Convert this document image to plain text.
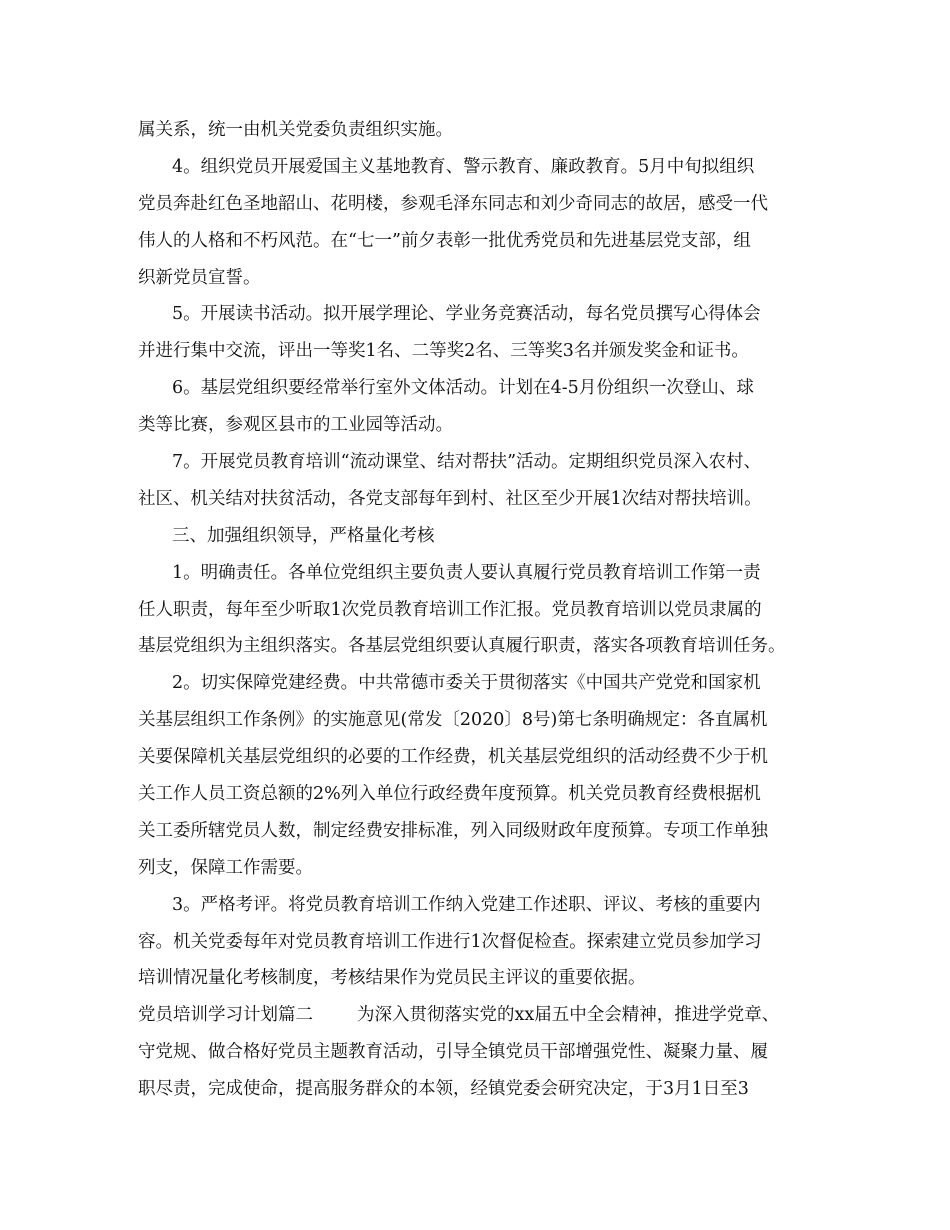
属关系，统一由机关党委负责组织实施。
4。组织党员开展爱国主义基地教育、警示教育、廉政教育。5月中旬拟组织
党员奔赴红色圣地韶山、花明楼，参观毛泽东同志和刘少奇同志的故居，感受一代
伟人的人格和不朽风范。在“七一”前夕表彰一批优秀党员和先进基层党支部，组
织新党员宣誓。
5。开展读书活动。拟开展学理论、学业务竞赛活动，每名党员撰写心得体会
并进行集中交流，评出一等奖1名、二等奖2名、三等奖3名并颁发奖金和证书。
6。基层党组织要经常举行室外文体活动。计划在4-5月份组织一次登山、球
类等比赛，参观区县市的工业园等活动。
7。开展党员教育培训“流动课堂、结对帮扶”活动。定期组织党员深入农村、
社区、机关结对扶贫活动，各党支部每年到村、社区至少开展1次结对帮扶培训。
三、加强组织领导，严格量化考核
1。明确责任。各单位党组织主要负责人要认真履行党员教育培训工作第一责
任人职责，每年至少听取1次党员教育培训工作汇报。党员教育培训以党员隶属的
基层党组织为主组织落实。各基层党组织要认真履行职责，落实各项教育培训任务。
2。切实保障党建经费。中共常德市委关于贯彻落实《中国共产党党和国家机
关基层组织工作条例》的实施意见(常发〔2020〕8号)第七条明确规定：各直属机
关要保障机关基层党组织的必要的工作经费，机关基层党组织的活动经费不少于机
关工作人员工资总额的2%列入单位行政经费年度预算。机关党员教育经费根据机
关工委所辖党员人数，制定经费安排标准，列入同级财政年度预算。专项工作单独
列支，保障工作需要。
3。严格考评。将党员教育培训工作纳入党建工作述职、评议、考核的重要内
容。机关党委每年对党员教育培训工作进行1次督促检查。探索建立党员参加学习
培训情况量化考核制度，考核结果作为党员民主评议的重要依据。
党员培训学习计划篇二	为深入贯彻落实党的xx届五中全会精神，推进学党章、
守党规、做合格好党员主题教育活动，引导全镇党员干部增强党性、凝聚力量、履
职尽责，完成使命，提高服务群众的本领，经镇党委会研究决定，于3月1日至3
